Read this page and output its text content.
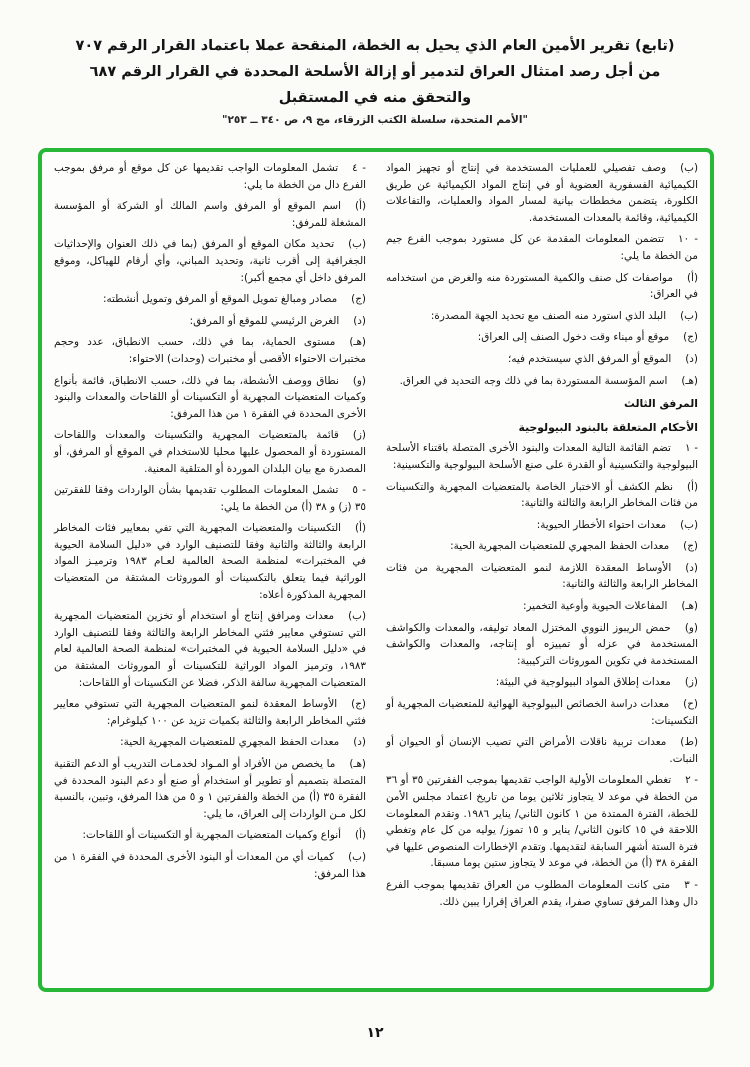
(تابع) تقرير الأمين العام الذي يحيل به الخطة، المنقحة عملا باعتماد القرار الرقم ٧٠٧
من أجل رصد امتثال العراق لتدمير أو إزالة الأسلحة المحددة في القرار الرقم ٦٨٧
والتحقق منه في المستقبل
"الأمم المتحدة، سلسلة الكتب الزرقاء، مج ٩، ص ٣٤٠ ــ ٢٥٣"
(ب)وصف تفصيلي للعمليات المستخدمة في إنتاج أو تجهيز المواد الكيميائية الفسفورية العضوية أو في إنتاج المواد الكيميائية عن طريق الكلورة، يتضمن مخططات بيانية لمسار المواد والعمليات، والتفاعلات الكيميائية، وقائمة بالمعدات المستخدمة.
- ١٠تتضمن المعلومات المقدمة عن كل مستورد بموجب الفرع جيم من الخطة ما يلي:
(أ)مواصفات كل صنف والكمية المستوردة منه والغرض من استخدامه في العراق:
(ب)البلد الذي استورد منه الصنف مع تحديد الجهة المصدرة:
(ج)موقع أو ميناء وقت دخول الصنف إلى العراق:
(د)الموقع أو المرفق الذي سيستخدم فيه؛
(هـ)اسم المؤسسة المستوردة بما في ذلك وجه التحديد في العراق.
المرفق الثالث
الأحكام المتعلقة بالبنود البيولوجية
- ١تضم القائمة التالية المعدات والبنود الأخرى المتصلة باقتناء الأسلحة البيولوجية والتكسينية أو القدرة على صنع الأسلحة البيولوجية والتكسينية:
(أ)نظم الكشف أو الاختبار الخاصة بالمتعضيات المجهرية والتكسينات من فئات المخاطر الرابعة والثالثة والثانية:
(ب)معدات احتواء الأخطار الحيوية:
(ج)معدات الحفظ المجهري للمتعضيات المجهرية الحية:
(د)الأوساط المعقدة اللازمة لنمو المتعضيات المجهرية من فئات المخاطر الرابعة والثالثة والثانية:
(هـ)المفاعلات الحيوية وأوعية التخمير:
(و)حمض الريبوز النووي المختزل المعاد توليفه، والمعدات والكواشف المستخدمة في عزله أو تمييزه أو إنتاجه، والمعدات والكواشف المستخدمة في تكوين الموروثات التركيبية:
(ز)معدات إطلاق المواد البيولوجية في البيئة:
(ح)معدات دراسة الخصائص البيولوجية الهوائية للمتعضيات المجهرية أو التكسينات:
(ط)معدات تربية ناقلات الأمراض التي تصيب الإنسان أو الحيوان أو النبات.
- ٢تغطي المعلومات الأولية الواجب تقديمها بموجب الفقرتين ٣٥ أو ٣٦ من الخطة في موعد لا يتجاوز ثلاثين يوما من تاريخ اعتماد مجلس الأمن للخطة، الفترة الممتدة من ١ كانون الثاني/ يناير ١٩٨٦. وتقدم المعلومات اللاحقة في ١٥ كانون الثاني/ يناير و ١٥ تموز/ يوليه من كل عام وتغطي فترة الستة أشهر السابقة لتقديمها. وتقدم الإخطارات المنصوص عليها في الفقرة ٣٨ (أ) من الخطة، في موعد لا يتجاوز ستين يوما مسبقا.
- ٣متى كانت المعلومات المطلوب من العراق تقديمها بموجب الفرع دال وهذا المرفق تساوي صفرا، يقدم العراق إقرارا يبين ذلك.
- ٤تشمل المعلومات الواجب تقديمها عن كل موقع أو مرفق بموجب الفرع دال من الخطة ما يلي:
(أ)اسم الموقع أو المرفق واسم المالك أو الشركة أو المؤسسة المشغلة للمرفق:
(ب)تحديد مكان الموقع أو المرفق (بما في ذلك العنوان والإحداثيات الجغرافية إلى أقرب ثانية، وتحديد المباني، وأي أرقام للهياكل، وموقع المرفق داخل أي مجمع أكبر):
(ج)مصادر ومبالغ تمويل الموقع أو المرفق وتمويل أنشطته:
(د)الغرض الرئيسي للموقع أو المرفق:
(هـ)مستوى الحماية، بما في ذلك، حسب الانطباق، عدد وحجم مختبرات الاحتواء الأقصى أو مختبرات (وحدات) الاحتواء:
(و)نطاق ووصف الأنشطة، بما في ذلك، حسب الانطباق، قائمة بأنواع وكميات المتعضيات المجهرية أو التكسينات أو اللقاحات والمعدات والبنود الأخرى المحددة في الفقرة ١ من هذا المرفق:
(ز)قائمة بالمتعضيات المجهرية والتكسينات والمعدات واللقاحات المستوردة أو المحصول عليها محليا للاستخدام في الموقع أو المرفق، أو المصدرة مع بيان البلدان الموردة أو المتلقية المعنية.
- ٥تشمل المعلومات المطلوب تقديمها بشأن الواردات وفقا للفقرتين ٣٥ (ز) و ٣٨ (أ) من الخطة ما يلي:
(أ)التكسينات والمتعضيات المجهرية التي تفي بمعايير فئات المخاطر الرابعة والثالثة والثانية وفقا للتصنيف الوارد في «دليل السلامة الحيوية في المختبرات» لمنظمة الصحة العالمية لعـام ١٩٨٣ وترميـز المواد الوراثية فيما يتعلق بالتكسينات أو الموروثات المشتقة من المتعضيات المجهرية المذكورة أعلاه:
(ب)معدات ومرافق إنتاج أو استخدام أو تخزين المتعضيات المجهرية التي تستوفي معايير فئتي المخاطر الرابعة والثالثة وفقا للتصنيف الوارد في «دليل السلامة الحيوية في المختبرات» لمنظمة الصحة العالمية لعام ١٩٨٣، وترميز المواد الوراثية للتكسينات أو الموروثات المشتقة من المتعضيات المجهرية سالفة الذكر، فضلا عن التكسينات أو اللقاحات:
(ج)الأوساط المعقدة لنمو المتعضيات المجهرية التي تستوفي معايير فئتي المخاطر الرابعة والثالثة بكميات تزيد عن ١٠٠ كيلوغرام:
(د)معدات الحفظ المجهري للمتعضيات المجهرية الحية:
(هـ)ما يخصص من الأفراد أو المـواد لخدمـات التدريب أو الدعم التقنية المتصلة بتصميم أو تطوير أو استخدام أو صنع أو دعم البنود المحددة في الفقرة ٣٥ (أ) من الخطة والفقرتين ١ و ٥ من هذا المرفق، وتبين، بالنسبة لكل مـن الواردات إلى العراق، ما يلي:
(أ)أنواع وكميات المتعضيات المجهرية أو التكسينات أو اللقاحات:
(ب)كميات أي من المعدات أو البنود الأخرى المحددة في الفقرة ١ من هذا المرفق:
١٢
